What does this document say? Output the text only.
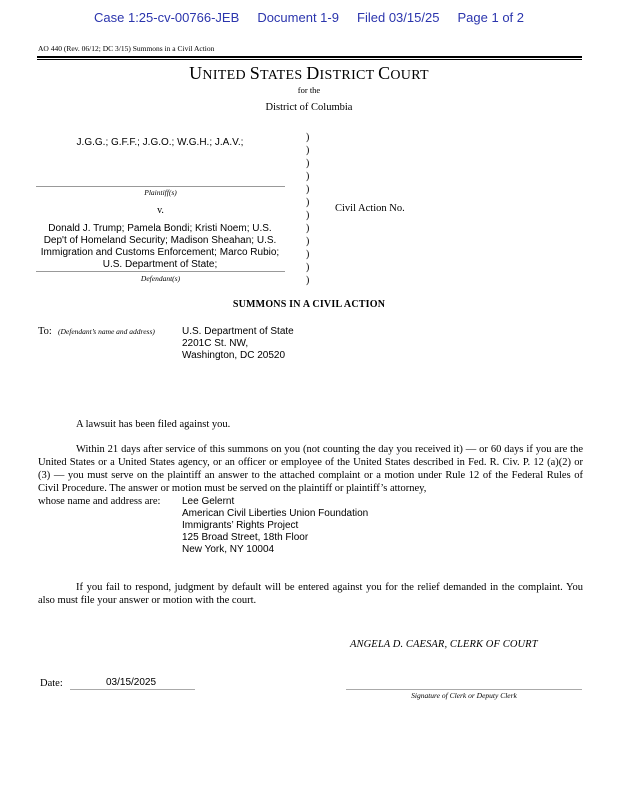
Case 1:25-cv-00766-JEB Document 1-9 Filed 03/15/25 Page 1 of 2
AO 440 (Rev. 06/12; DC 3/15) Summons in a Civil Action
UNITED STATES DISTRICT COURT
for the
District of Columbia
J.G.G.; G.F.F.; J.G.O.; W.G.H.; J.A.V.;
Plaintiff(s)
v.
Donald J. Trump; Pamela Bondi; Kristi Noem; U.S. Dep't of Homeland Security; Madison Sheahan; U.S. Immigration and Customs Enforcement; Marco Rubio; U.S. Department of State;
Defendant(s)
)
)
)
)
)
)
)
)
)
)
)
)
Civil Action No.
SUMMONS IN A CIVIL ACTION
To: (Defendant’s name and address)	U.S. Department of State
2201C St. NW,
Washington, DC 20520
A lawsuit has been filed against you.
Within 21 days after service of this summons on you (not counting the day you received it) — or 60 days if you are the United States or a United States agency, or an officer or employee of the United States described in Fed. R. Civ. P. 12 (a)(2) or (3) — you must serve on the plaintiff an answer to the attached complaint or a motion under Rule 12 of the Federal Rules of Civil Procedure. The answer or motion must be served on the plaintiff or plaintiff’s attorney,
whose name and address are: Lee Gelernt
American Civil Liberties Union Foundation
Immigrants’ Rights Project
125 Broad Street, 18th Floor
New York, NY 10004
If you fail to respond, judgment by default will be entered against you for the relief demanded in the complaint. You also must file your answer or motion with the court.
ANGELA D. CAESAR, CLERK OF COURT
Date:	03/15/2025
Signature of Clerk or Deputy Clerk
